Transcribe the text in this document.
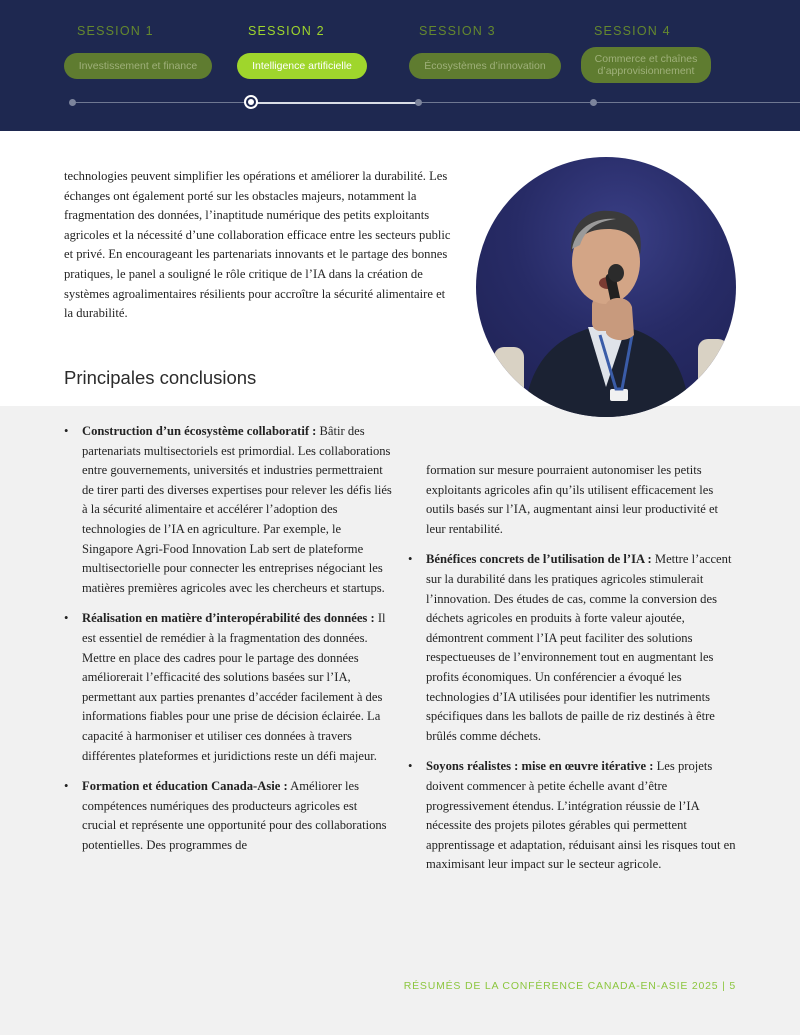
SESSION 1
Investissement et finance
SESSION 2
Intelligence artificielle
SESSION 3
Écosystèmes d’innovation
SESSION 4
Commerce et chaînes d’approvisionnement
technologies peuvent simplifier les opérations et améliorer la durabilité. Les échanges ont également porté sur les obstacles majeurs, notamment la fragmentation des données, l’inaptitude numérique des petits exploitants agricoles et la nécessité d’une collaboration efficace entre les secteurs public et privé. En encourageant les partenariats innovants et le partage des bonnes pratiques, le panel a souligné le rôle critique de l’IA dans la création de systèmes agroalimentaires résilients pour accroître la sécurité alimentaire et la durabilité.
Principales conclusions
• Construction d’un écosystème collaboratif : Bâtir des partenariats multisectoriels est primordial. Les collaborations entre gouvernements, universités et industries permettraient de tirer parti des diverses expertises pour relever les défis liés à la sécurité alimentaire et accélérer l’adoption des technologies de l’IA en agriculture. Par exemple, le Singapore Agri-Food Innovation Lab sert de plateforme multisectorielle pour connecter les entreprises négociant les matières premières agricoles avec les chercheurs et startups.
• Réalisation en matière d’interopérabilité des données : Il est essentiel de remédier à la fragmentation des données. Mettre en place des cadres pour le partage des données améliorerait l’efficacité des solutions basées sur l’IA, permettant aux parties prenantes d’accéder facilement à des informations fiables pour une prise de décision éclairée. La capacité à harmoniser et utiliser ces données à travers différentes plateformes et juridictions reste un défi majeur.
• Formation et éducation Canada-Asie : Améliorer les compétences numériques des producteurs agricoles est crucial et représente une opportunité pour des collaborations potentielles. Des programmes de

formation sur mesure pourraient autonomiser les petits exploitants agricoles afin qu’ils utilisent efficacement les outils basés sur l’IA, augmentant ainsi leur productivité et leur rentabilité.

• Bénéfices concrets de l’utilisation de l’IA : Mettre l’accent sur la durabilité dans les pratiques agricoles stimulerait l’innovation. Des études de cas, comme la conversion des déchets agricoles en produits à forte valeur ajoutée, démontrent comment l’IA peut faciliter des solutions respectueuses de l’environnement tout en augmentant les profits économiques. Un conférencier a évoqué les technologies d’IA utilisées pour identifier les nutriments spécifiques dans les ballots de paille de riz destinés à être brûlés comme déchets.
• Soyons réalistes : mise en œuvre itérative : Les projets doivent commencer à petite échelle avant d’être progressivement étendus. L’intégration réussie de l’IA nécessite des projets pilotes gérables qui permettent apprentissage et adaptation, réduisant ainsi les risques tout en maximisant leur impact sur le secteur agricole.
RÉSUMÉS DE LA CONFÉRENCE CANADA-EN-ASIE 2025 | 5
